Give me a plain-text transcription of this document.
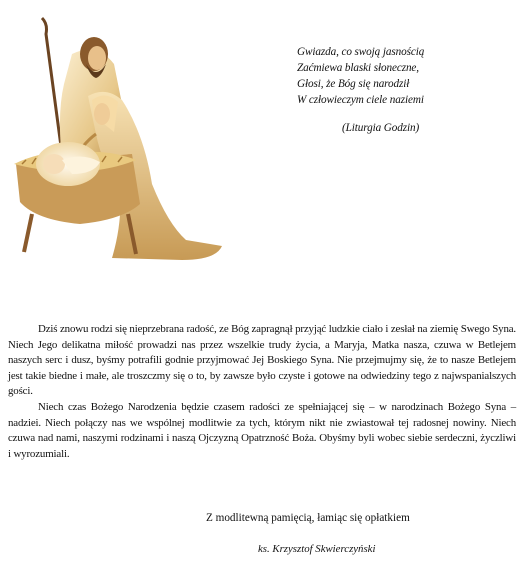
Gwiazda, co swoją jasnością
Zaćmiewa blaski słoneczne,
Głosi, że Bóg się narodził
W człowieczym ciele naziemi
(Liturgia Godzin)

Dziś znowu rodzi się nieprzebrana radość, ze Bóg zapragnął przyjąć ludzkie ciało i zesłał na ziemię Swego Syna. Niech Jego delikatna miłość prowadzi nas przez wszelkie trudy życia, a Maryja, Matka nasza, czuwa w Betlejem naszych serc i dusz, byśmy potrafili godnie przyjmować Jej Boskiego Syna. Nie przejmujmy się, że to nasze Betlejem jest takie biedne i małe, ale troszczmy się o to, by zawsze było czyste i gotowe na odwiedziny tego z najwspanialszych gości.

Niech czas Bożego Narodzenia będzie czasem radości ze spełniającej się – w narodzinach Bożego Syna – nadziei. Niech połączy nas we wspólnej modlitwie za tych, którym nikt nie zwiastował tej radosnej nowiny. Niech czuwa nad nami, naszymi rodzinami i naszą Ojczyzną Opatrzność Boża. Obyśmy byli wobec siebie serdeczni, życzliwi i wyrozumiali.

Z modlitewną pamięcią, łamiąc się opłatkiem
ks. Krzysztof Skwierczyński
